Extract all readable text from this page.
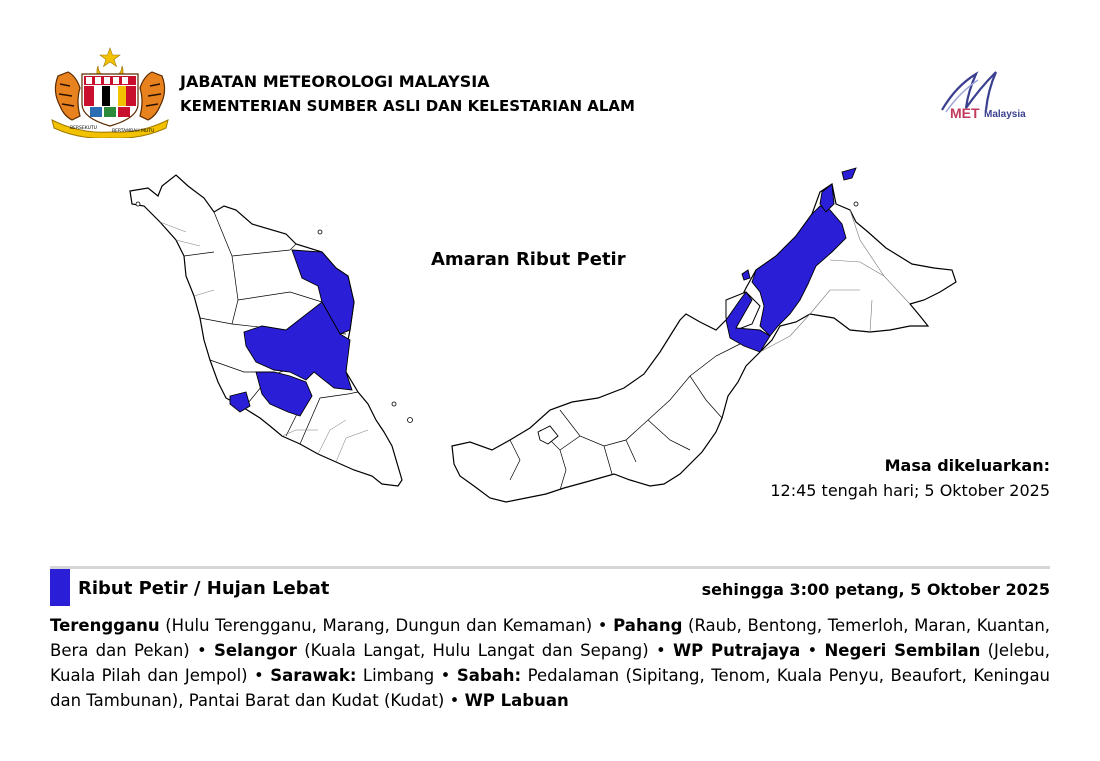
BERSEKUTU
BERTAMBAH MUTU
JABATAN METEOROLOGI MALAYSIA
KEMENTERIAN SUMBER ASLI DAN KELESTARIAN ALAM	MET Malaysia
Amaran Ribut Petir
Masa dikeluarkan:
12:45 tengah hari; 5 Oktober 2025
Ribut Petir / Hujan Lebat	sehingga 3:00 petang, 5 Oktober 2025
Terengganu (Hulu Terengganu, Marang, Dungun dan Kemaman) • Pahang (Raub, Bentong, Temerloh, Maran, Kuantan, Bera dan Pekan) • Selangor (Kuala Langat, Hulu Langat dan Sepang) • WP Putrajaya • Negeri Sembilan (Jelebu, Kuala Pilah dan Jempol) • Sarawak: Limbang • Sabah: Pedalaman (Sipitang, Tenom, Kuala Penyu, Beaufort, Keningau dan Tambunan), Pantai Barat dan Kudat (Kudat) • WP Labuan
